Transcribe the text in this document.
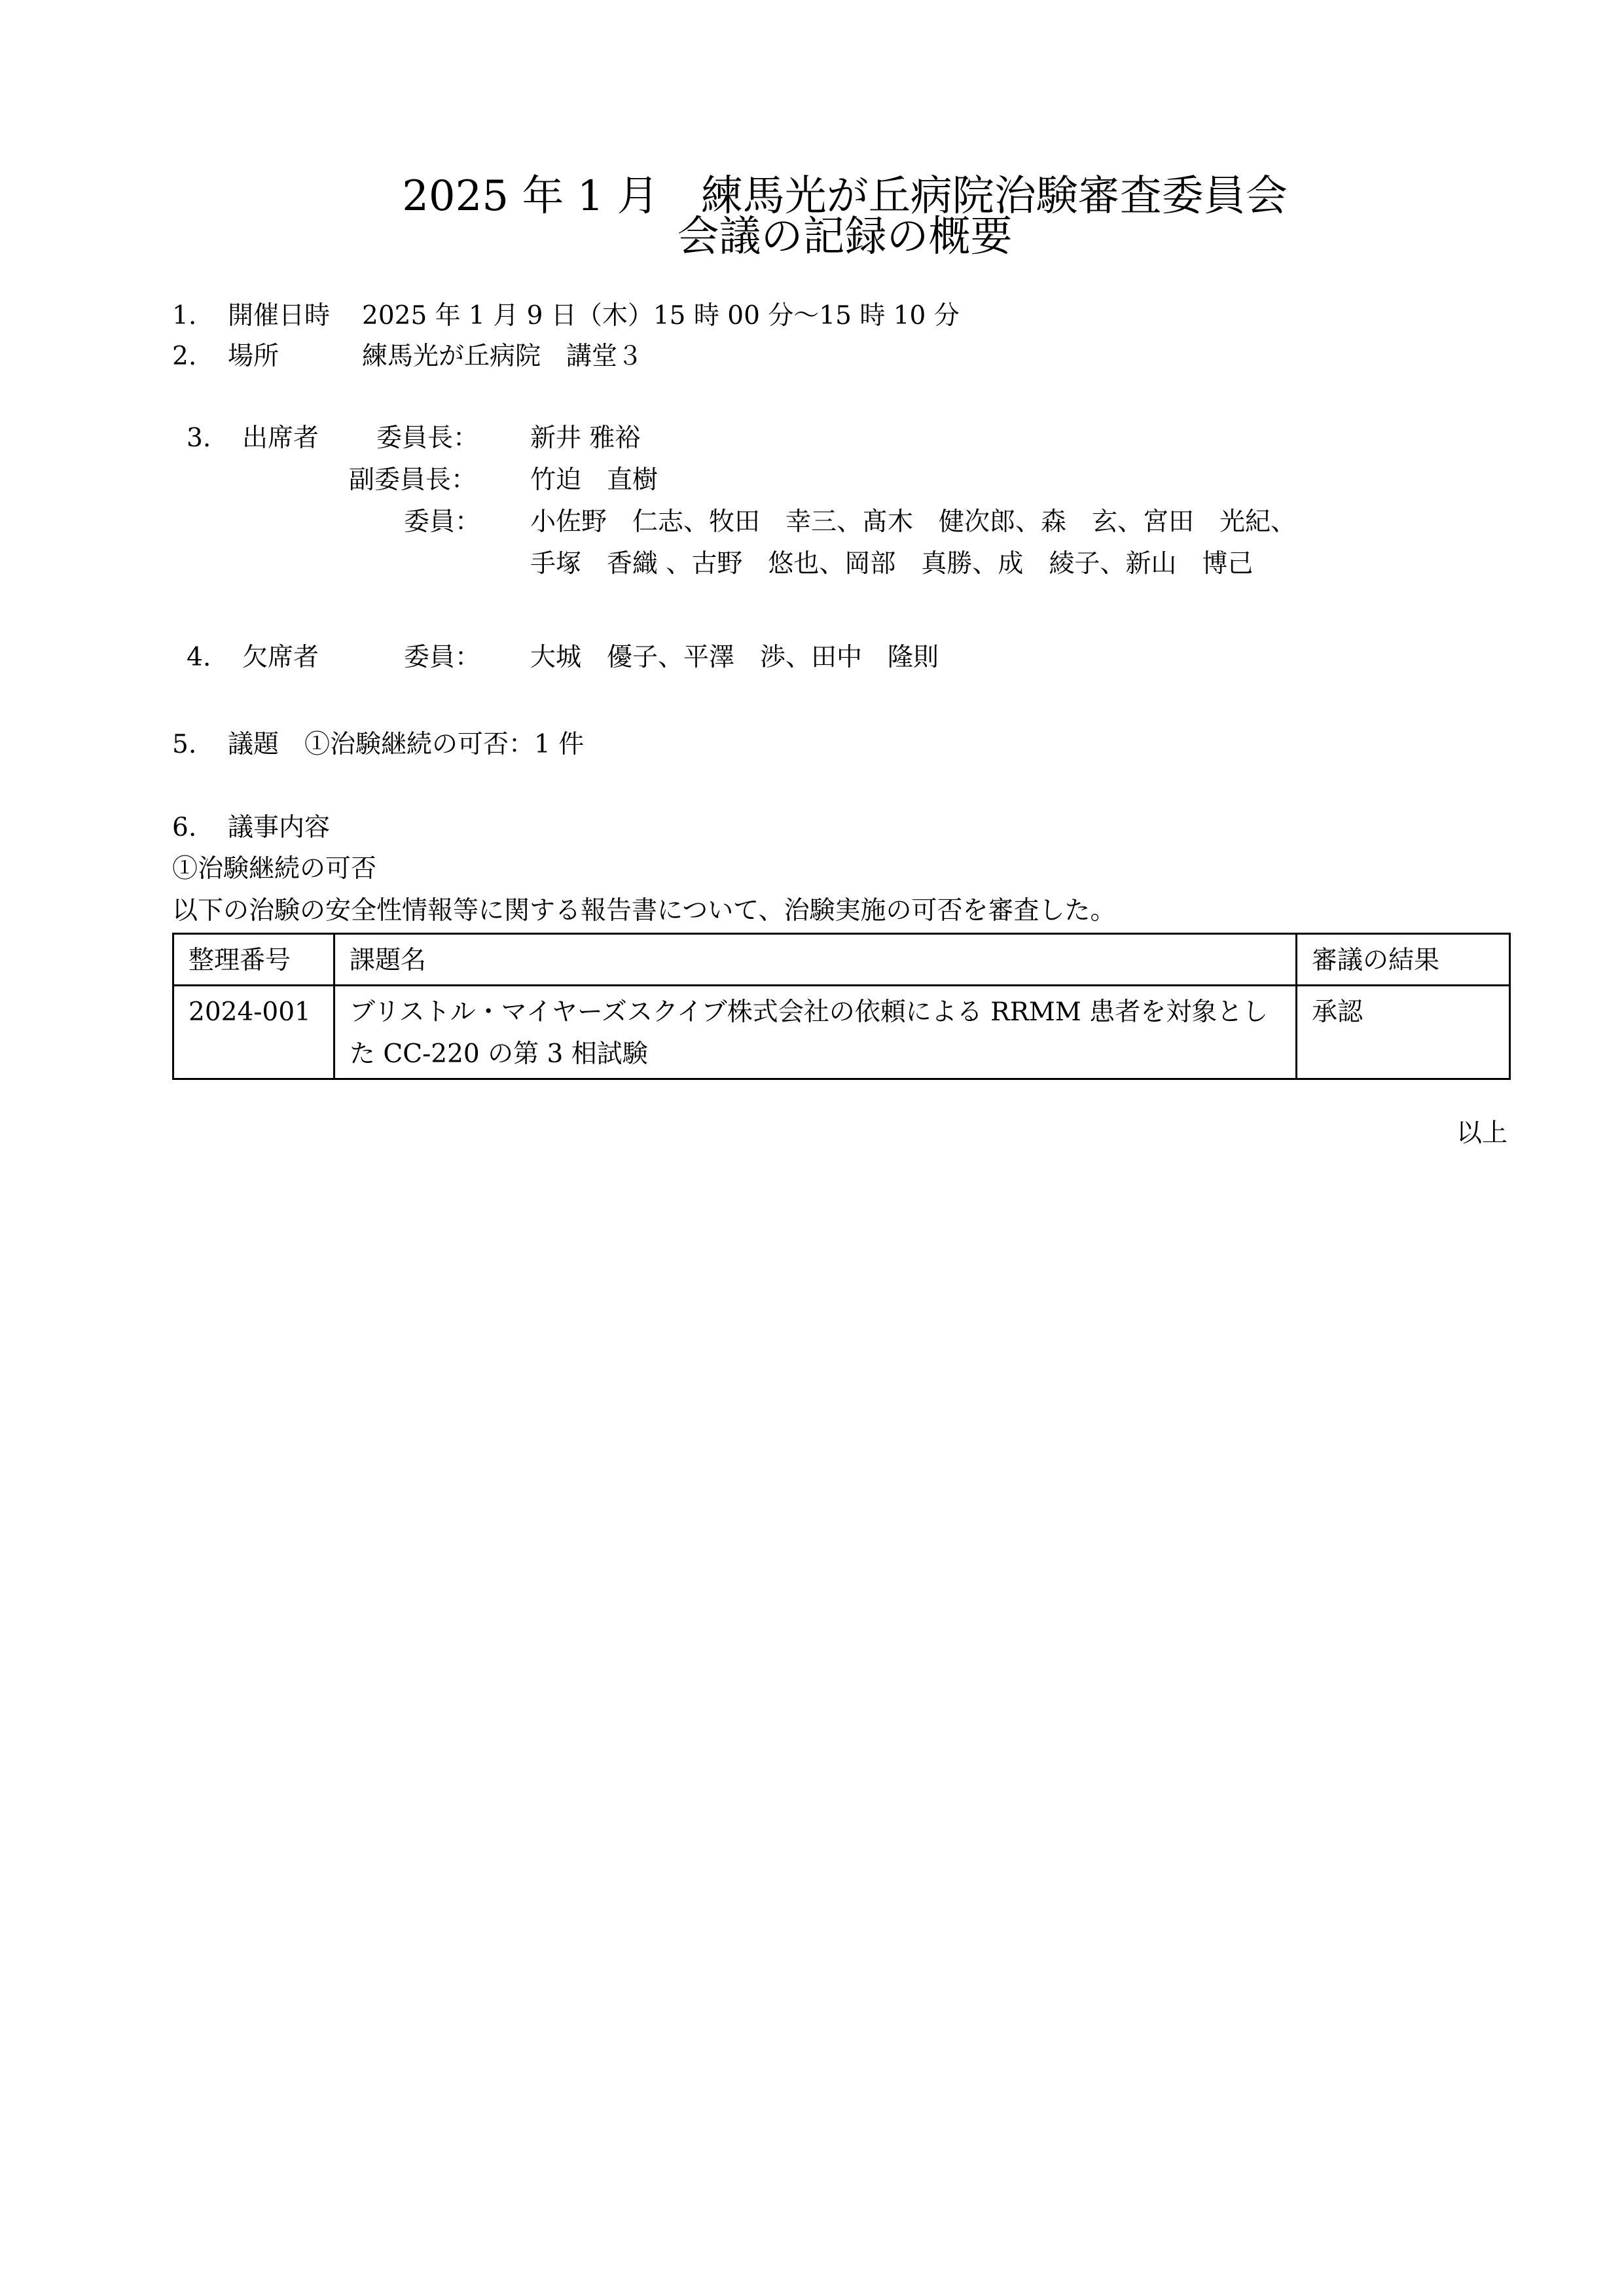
2025 年 1 月　練馬光が丘病院治験審査委員会
会議の記録の概要
1. 開催日時 2025 年 1 月 9 日（木）15 時 00 分～15 時 10 分
2. 場所	練馬光が丘病院　講堂３
3. 出席者 委員長： 新井 雅裕
副委員長： 竹迫　直樹
委員： 小佐野　仁志、牧田　幸三、髙木　健次郎、森　玄、宮田　光紀、
手塚　香織 、古野　悠也、岡部　真勝、成　綾子、新山　博己
4. 欠席者	委員： 大城　優子、平澤　渉、田中　隆則
5. 議題 ①治験継続の可否：1 件
6. 議事内容
①治験継続の可否
以下の治験の安全性情報等に関する報告書について、治験実施の可否を審査した。
整理番号	課題名	審議の結果
2024-001	ブリストル・マイヤーズスクイブ株式会社の依頼による RRMM 患者を対象とし
た CC-220 の第 3 相試験	承認
以上
